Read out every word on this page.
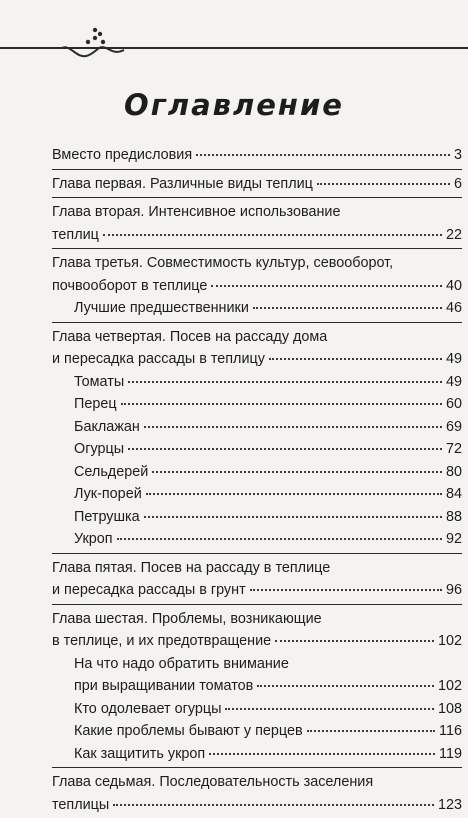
Оглавление
Вместо предисловия	3
Глава первая. Различные виды теплиц	6
Глава вторая. Интенсивное использование
теплиц	22
Глава третья. Совместимость культур, севооборот,
почвооборот в теплице	40
Лучшие предшественники	46
Глава четвертая. Посев на рассаду дома
и пересадка рассады в теплицу	49
Томаты	49
Перец	60
Баклажан	69
Огурцы	72
Сельдерей	80
Лук-порей	84
Петрушка	88
Укроп	92
Глава пятая. Посев на рассаду в теплице
и пересадка рассады в грунт	96
Глава шестая. Проблемы, возникающие
в теплице, и их предотвращение	102
На что надо обратить внимание
при выращивании томатов	102
Кто одолевает огурцы	108
Какие проблемы бывают у перцев	116
Как защитить укроп	119
Глава седьмая. Последовательность заселения
теплицы	123
